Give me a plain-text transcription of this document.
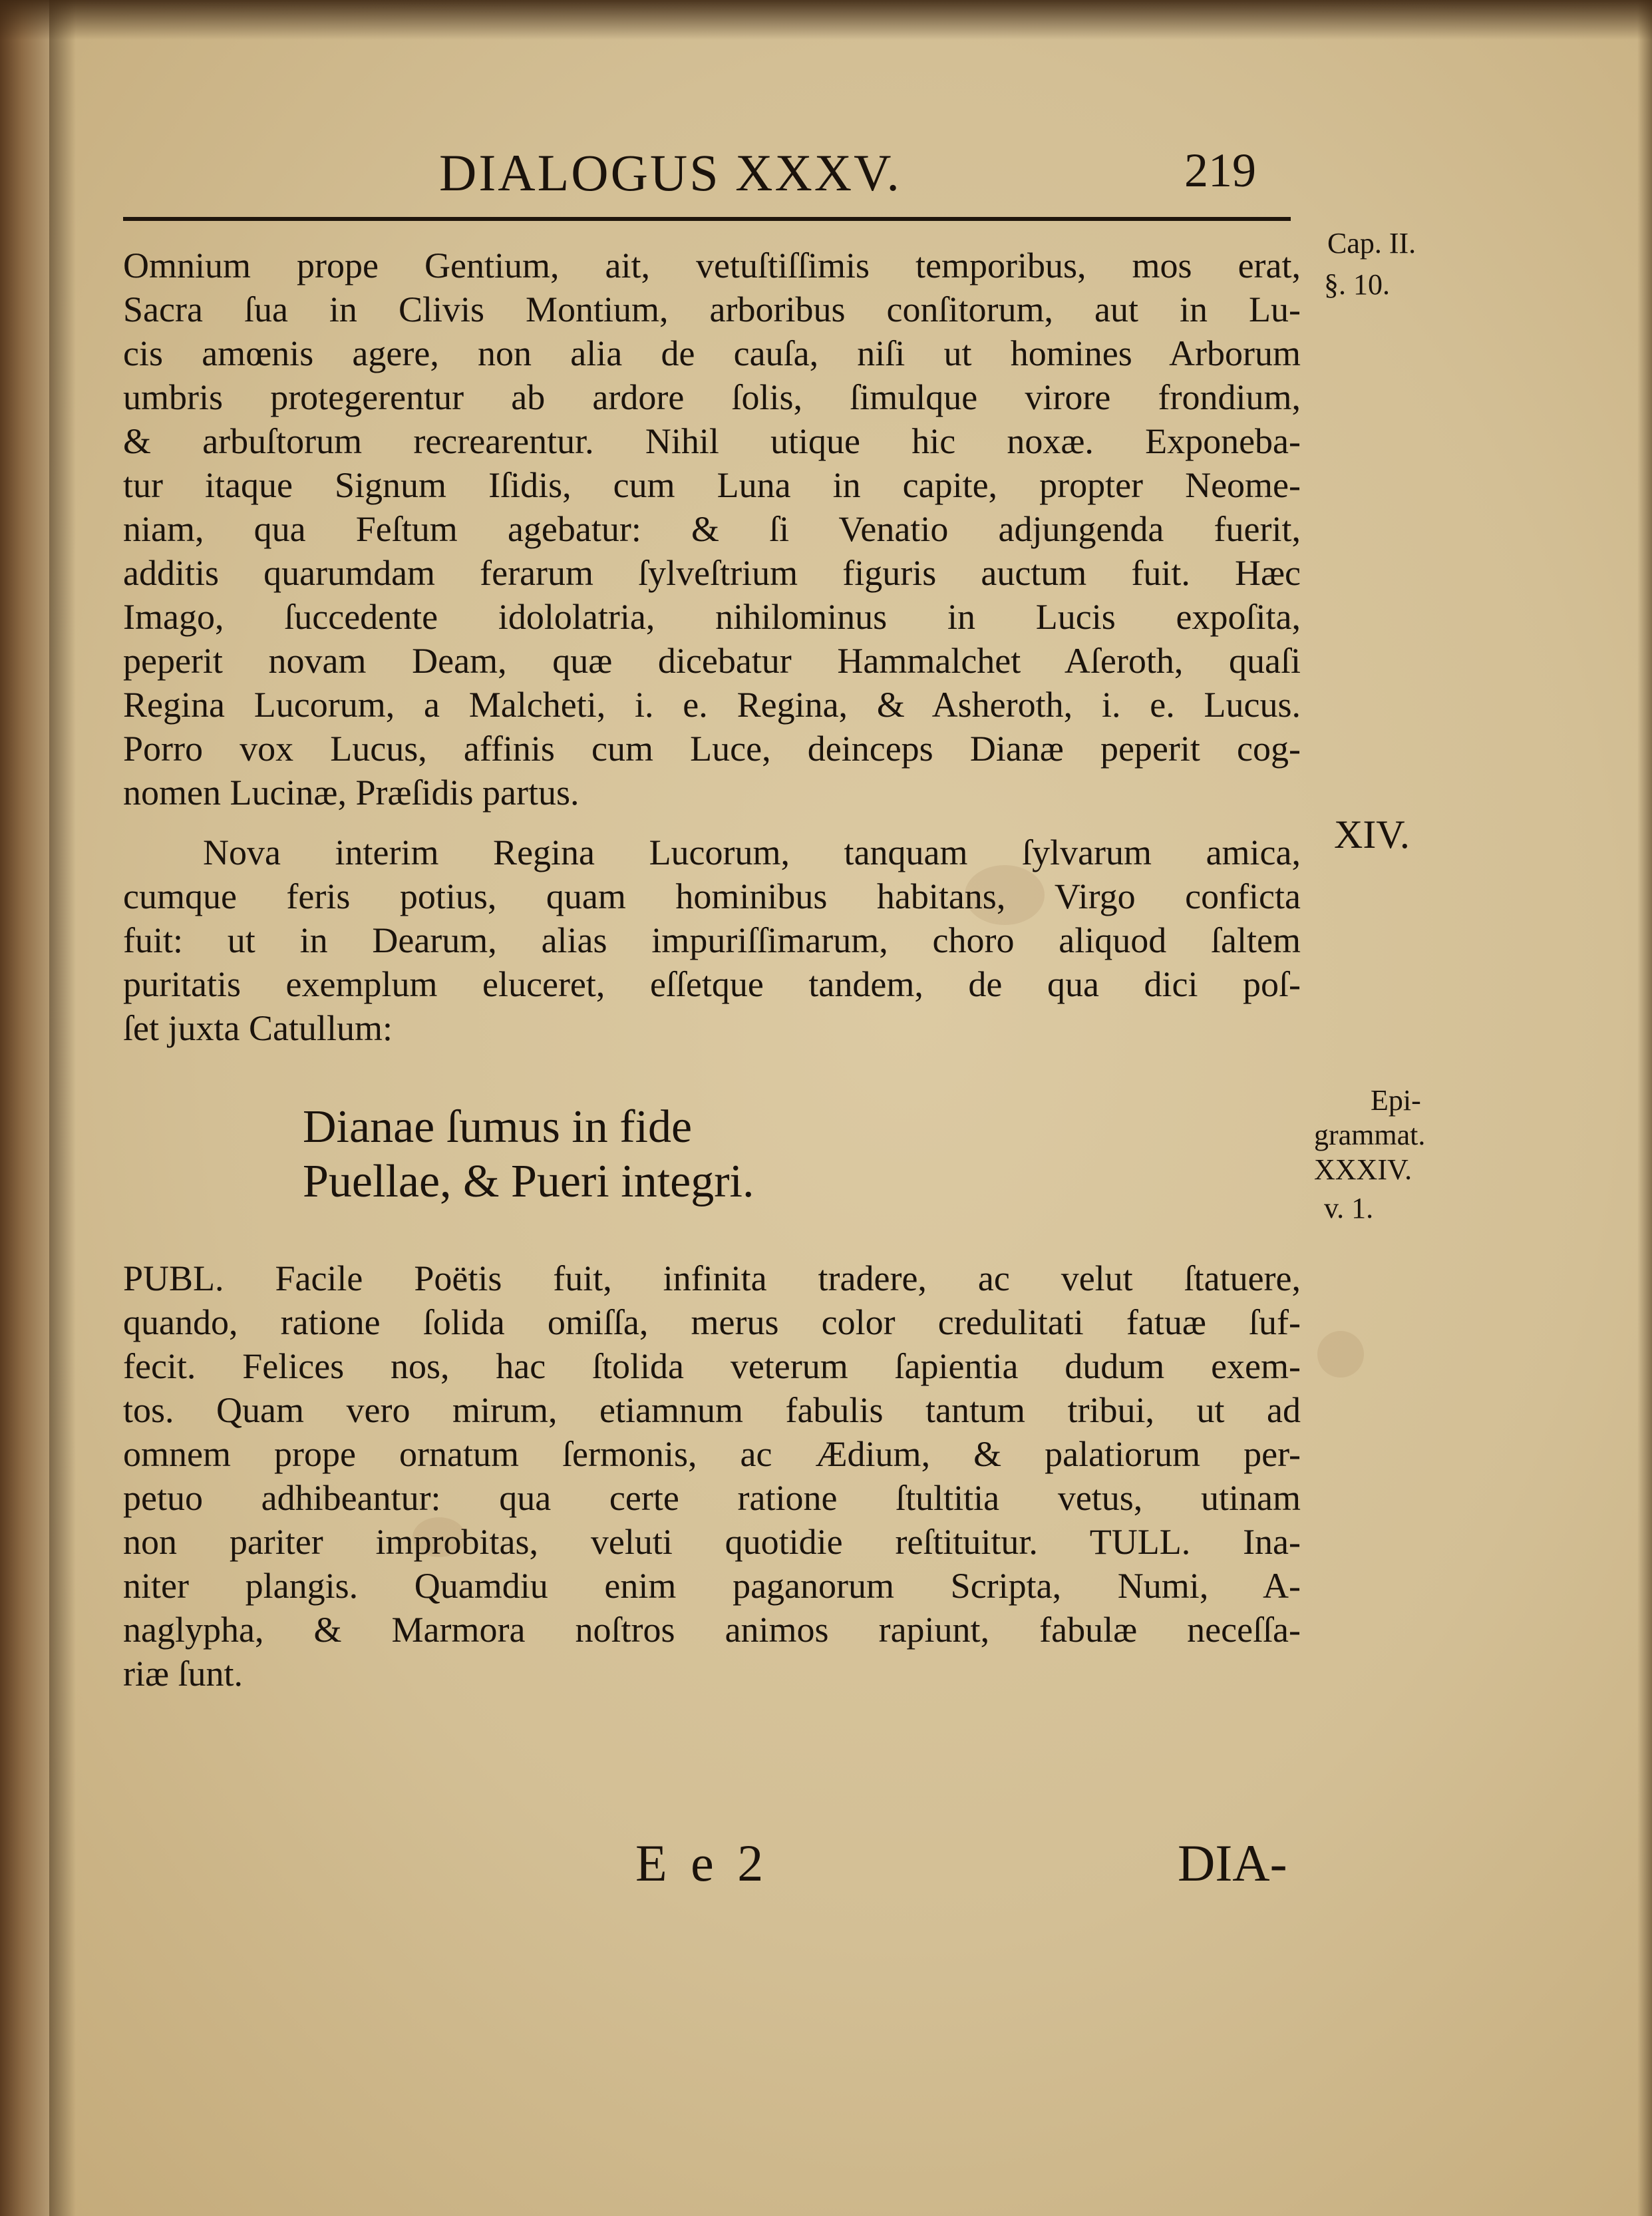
DIALOGUS XXXV.	219
Omnium prope Gentium, ait, vetuſtiſſimis temporibus, mos erat,
Sacra ſua in Clivis Montium, arboribus conſitorum, aut in Lu-
cis amœnis agere, non alia de cauſa, niſi ut homines Arborum
umbris protegerentur ab ardore ſolis, ſimulque virore frondium,
& arbuſtorum recrearentur. Nihil utique hic noxæ. Exponeba-
tur itaque Signum Iſidis, cum Luna in capite, propter Neome-
niam, qua Feſtum agebatur: & ſi Venatio adjungenda fuerit,
additis quarumdam ferarum ſylveſtrium figuris auctum fuit. Hæc
Imago, ſuccedente idololatria, nihilominus in Lucis expoſita,
peperit novam Deam, quæ dicebatur Hammalchet Aſeroth, quaſi
Regina Lucorum, a Malcheti, i. e. Regina, & Asheroth, i. e. Lucus.
Porro vox Lucus, affinis cum Luce, deinceps Dianæ peperit cog-
nomen Lucinæ, Præſidis partus.
Nova interim Regina Lucorum, tanquam ſylvarum amica,
cumque feris potius, quam hominibus habitans, Virgo conficta
fuit: ut in Dearum, alias impuriſſimarum, choro aliquod ſaltem
puritatis exemplum eluceret, eſſetque tandem, de qua dici poſ-
ſet juxta Catullum:
Dianae ſumus in fide
Puellae, & Pueri integri.
PUBL. Facile Poëtis fuit, infinita tradere, ac velut ſtatuere,
quando, ratione ſolida omiſſa, merus color credulitati fatuæ ſuf-
fecit. Felices nos, hac ſtolida veterum ſapientia dudum exem-
tos. Quam vero mirum, etiamnum fabulis tantum tribui, ut ad
omnem prope ornatum ſermonis, ac Ædium, & palatiorum per-
petuo adhibeantur: qua certe ratione ſtultitia vetus, utinam
non pariter improbitas, veluti quotidie reſtituitur. TULL. Ina-
niter plangis. Quamdiu enim paganorum Scripta, Numi, A-
naglypha, & Marmora noſtros animos rapiunt, fabulæ neceſſa-
riæ ſunt.
Cap. II.
§. 10.
XIV.
Epi-
grammat.
XXXIV.
v. 1.
E e 2	DIA-
